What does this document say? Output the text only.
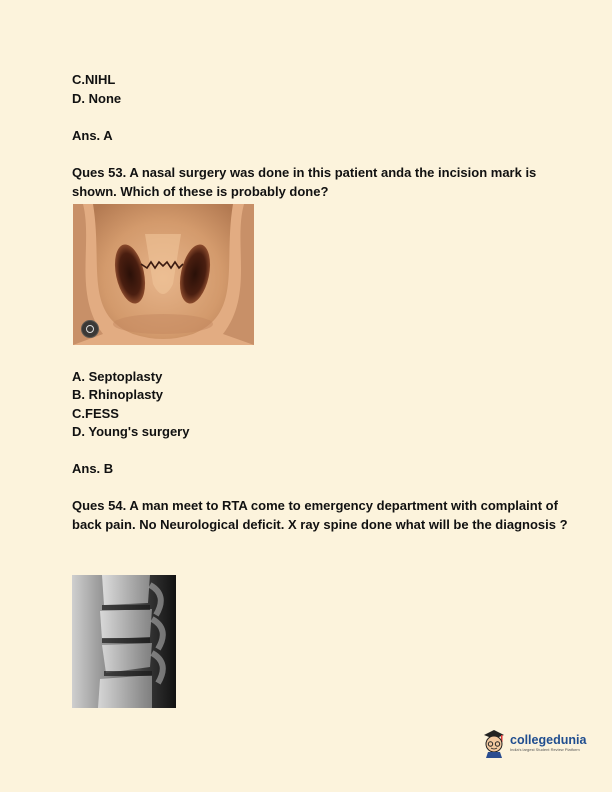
C.NIHL
D. None
Ans. A
Ques 53. A nasal surgery was done in this patient anda the incision mark is shown. Which of these is probably done?
A. Septoplasty
B. Rhinoplasty
C.FESS
D. Young's surgery
Ans. B
Ques 54. A man meet to RTA come to emergency department with complaint of back pain. No Neurological deficit. X ray spine done what will be the diagnosis ?
collegedunia
India's largest Student Review Platform
